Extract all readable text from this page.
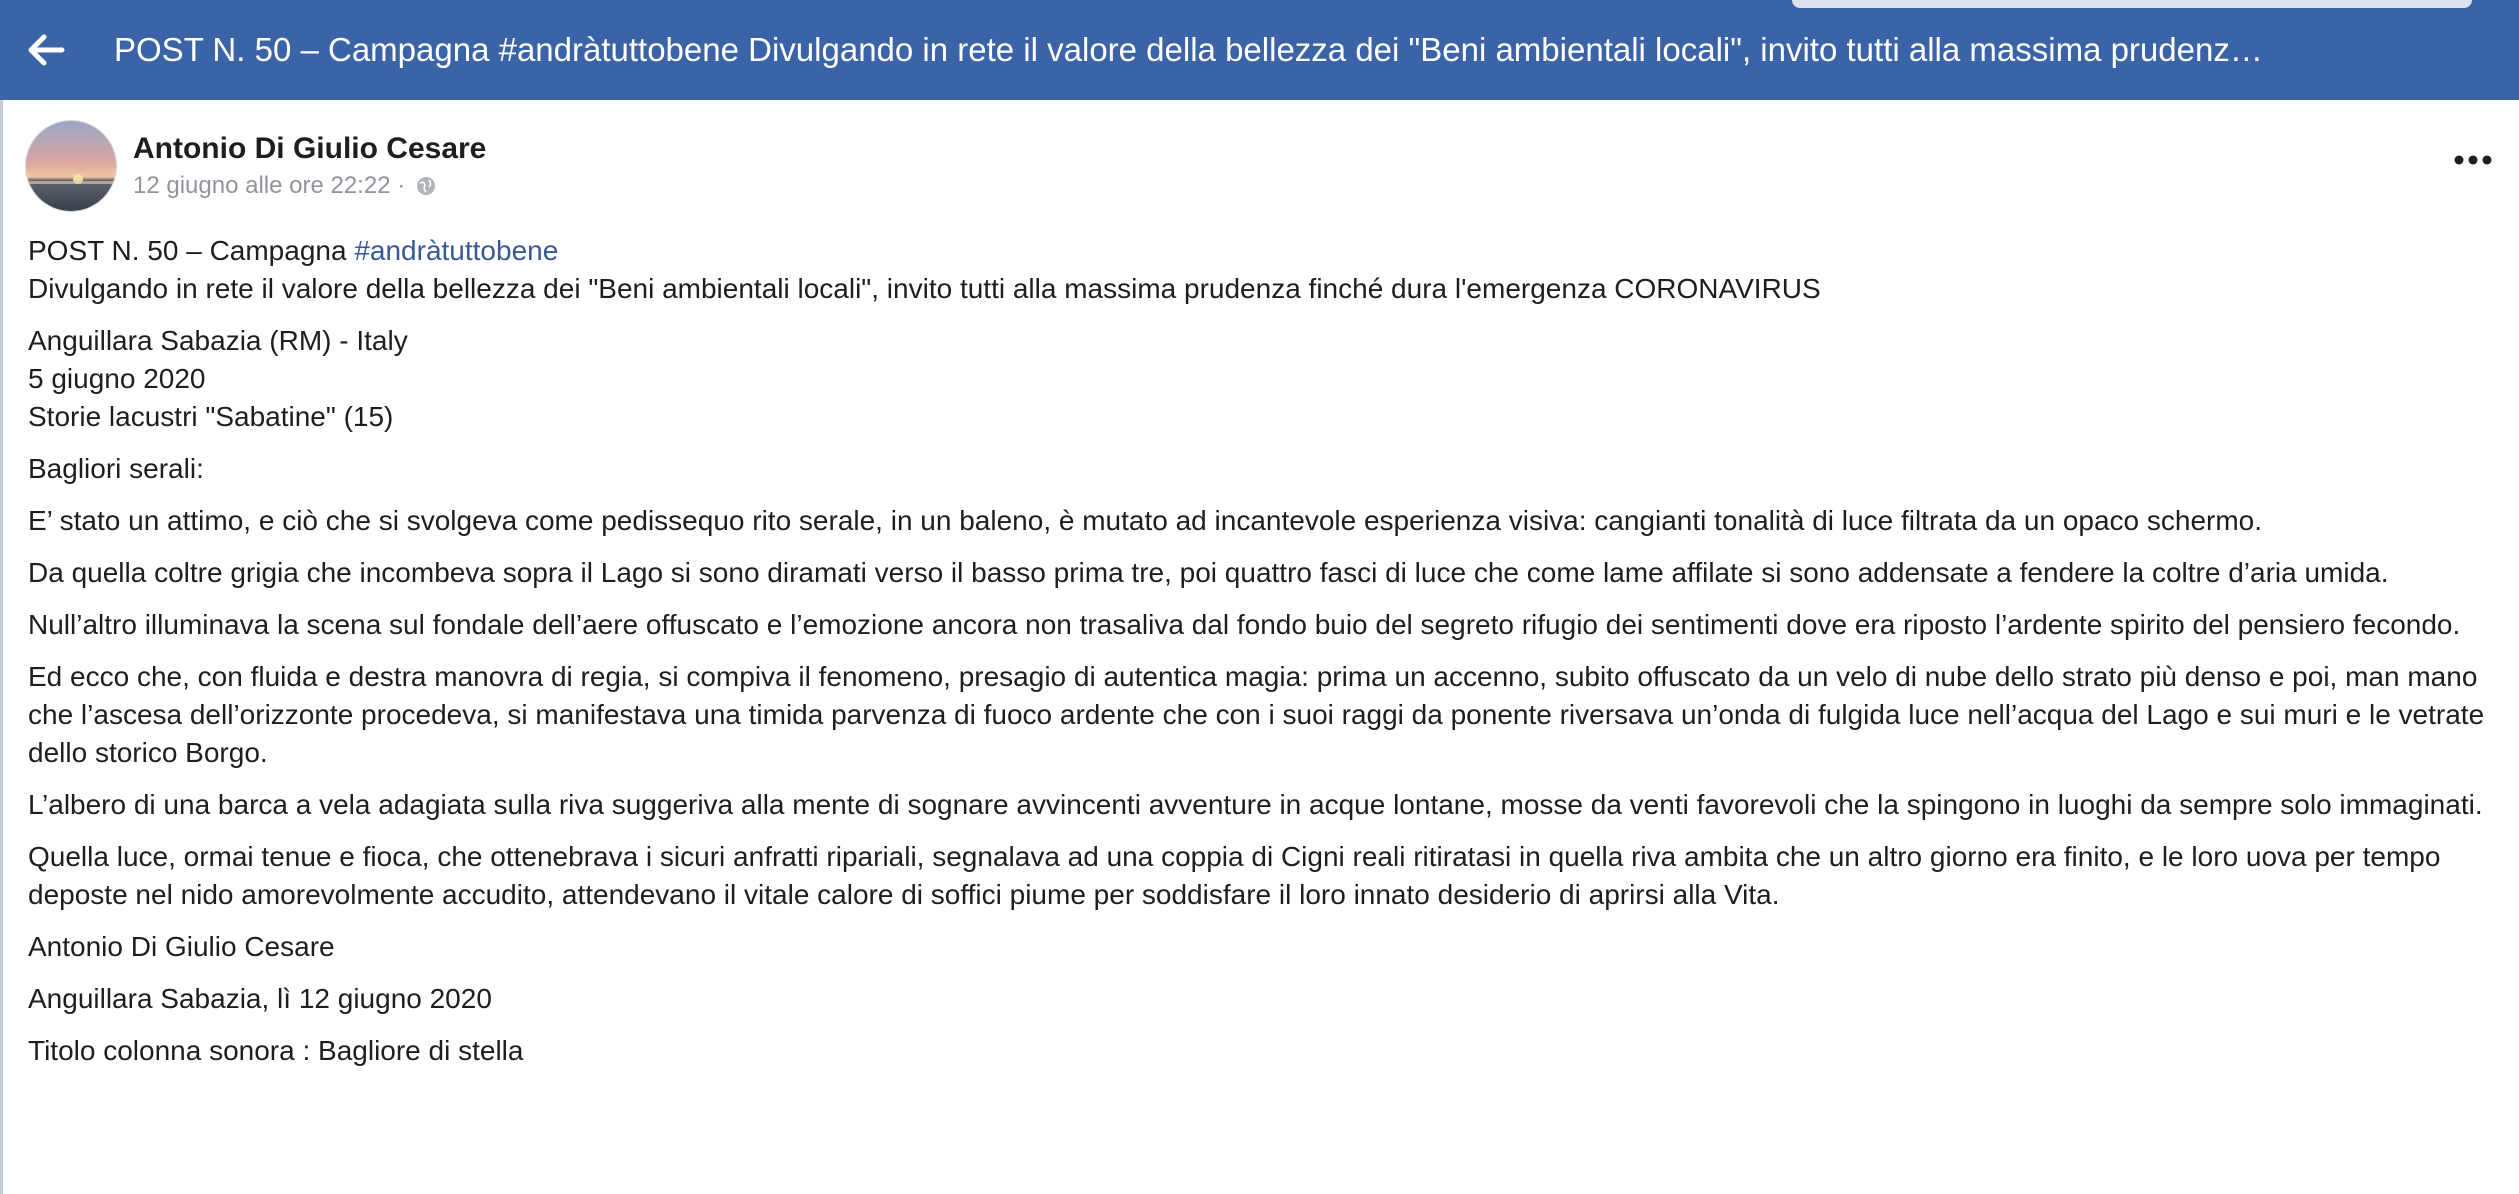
POST N. 50 – Campagna #andràtuttobene Divulgando in rete il valore della bellezza dei "Beni ambientali locali", invito tutti alla massima prudenz…
Antonio Di Giulio Cesare
12 giugno alle ore 22:22 ·

POST N. 50 – Campagna #andràtuttobene
Divulgando in rete il valore della bellezza dei "Beni ambientali locali", invito tutti alla massima prudenza finché dura l'emergenza CORONAVIRUS

Anguillara Sabazia (RM) - Italy
5 giugno 2020
Storie lacustri "Sabatine" (15)

Bagliori serali:

E’ stato un attimo, e ciò che si svolgeva come pedissequo rito serale, in un baleno, è mutato ad incantevole esperienza visiva: cangianti tonalità di luce filtrata da un opaco schermo.

Da quella coltre grigia che incombeva sopra il Lago si sono diramati verso il basso prima tre, poi quattro fasci di luce che come lame affilate si sono addensate a fendere la coltre d’aria umida.

Null’altro illuminava la scena sul fondale dell’aere offuscato e l’emozione ancora non trasaliva dal fondo buio del segreto rifugio dei sentimenti dove era riposto l’ardente spirito del pensiero fecondo.

Ed ecco che, con fluida e destra manovra di regia, si compiva il fenomeno, presagio di autentica magia: prima un accenno, subito offuscato da un velo di nube dello strato più denso e poi, man mano che l’ascesa dell’orizzonte procedeva, si manifestava una timida parvenza di fuoco ardente che con i suoi raggi da ponente riversava un’onda di fulgida luce nell’acqua del Lago e sui muri e le vetrate dello storico Borgo.

L’albero di una barca a vela adagiata sulla riva suggeriva alla mente di sognare avvincenti avventure in acque lontane, mosse da venti favorevoli che la spingono in luoghi da sempre solo immaginati.

Quella luce, ormai tenue e fioca, che ottenebrava i sicuri anfratti ripariali, segnalava ad una coppia di Cigni reali ritiratasi in quella riva ambita che un altro giorno era finito, e le loro uova per tempo deposte nel nido amorevolmente accudito, attendevano il vitale calore di soffici piume per soddisfare il loro innato desiderio di aprirsi alla Vita.

Antonio Di Giulio Cesare

Anguillara Sabazia, lì 12 giugno 2020

Titolo colonna sonora : Bagliore di stella
